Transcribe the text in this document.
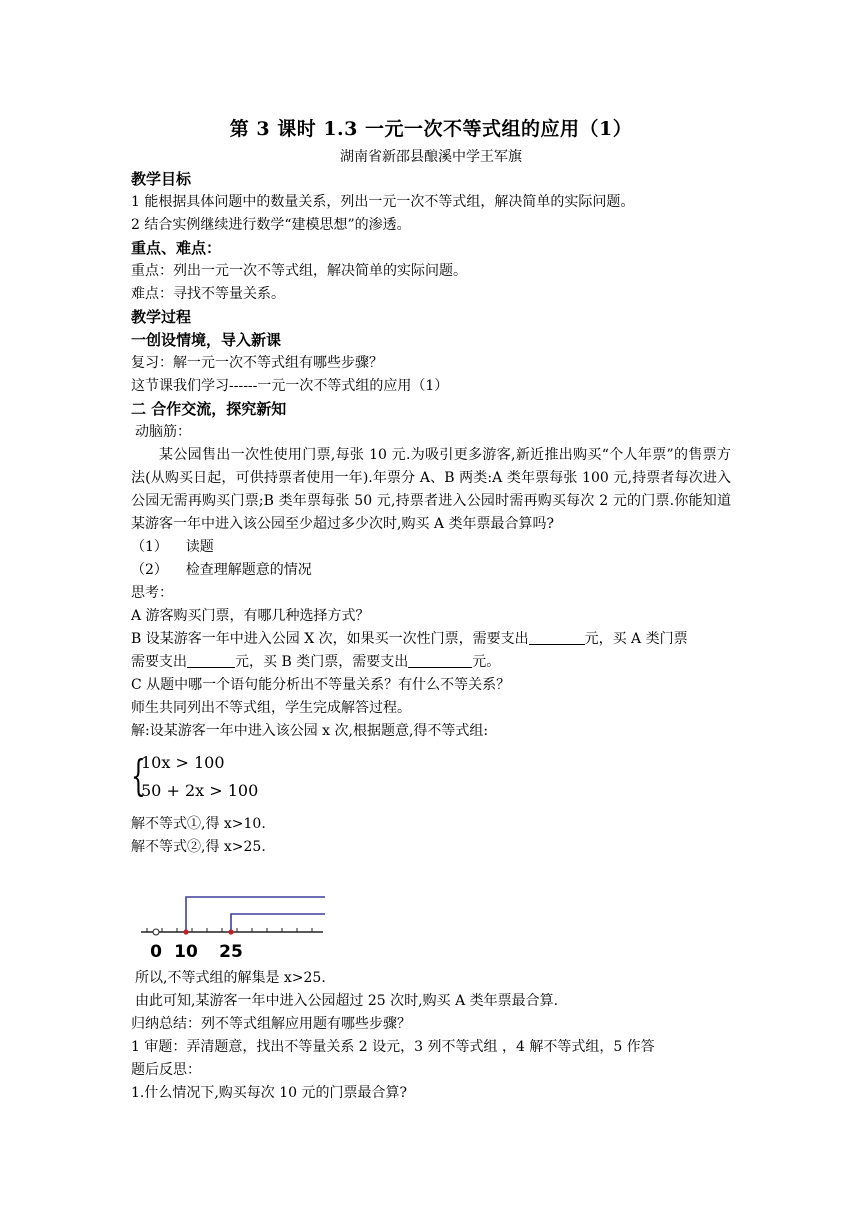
第 3 课时 1.3 一元一次不等式组的应用（1）
湖南省新邵县酿溪中学王军旗
教学目标
1 能根据具体问题中的数量关系，列出一元一次不等式组，解决简单的实际问题。
2 结合实例继续进行数学“建模思想”的渗透。
重点、难点：
重点：列出一元一次不等式组，解决简单的实际问题。
难点：寻找不等量关系。
教学过程
一创设情境，导入新课
复习：解一元一次不等式组有哪些步骤？
这节课我们学习------一元一次不等式组的应用（1）
二 合作交流，探究新知
动脑筋：
某公园售出一次性使用门票,每张 10 元.为吸引更多游客,新近推出购买“个人年票”的售票方法(从购买日起，可供持票者使用一年).年票分 A、B 两类:A 类年票每张 100 元,持票者每次进入公园无需再购买门票;B 类年票每张 50 元,持票者进入公园时需再购买每次 2 元的门票.你能知道某游客一年中进入该公园至少超过多少次时,购买 A 类年票最合算吗?
（1） 读题
（2） 检查理解题意的情况
思考：
A 游客购买门票，有哪几种选择方式？
B 设某游客一年中进入公园 X 次，如果买一次性门票，需要支出	元，买 A 类门票
需要支出	元，买 B 类门票，需要支出	元。
C 从题中哪一个语句能分析出不等量关系？有什么不等关系？
师生共同列出不等式组，学生完成解答过程。
解:设某游客一年中进入该公园 x 次,根据题意,得不等式组:
{
10x > 100
50 + 2x > 100
解不等式①,得 x>10.
解不等式②,得 x>25.
0 10 25
所以,不等式组的解集是 x>25.
由此可知,某游客一年中进入公园超过 25 次时,购买 A 类年票最合算.
归纳总结：列不等式组解应用题有哪些步骤？
1 审题：弄清题意，找出不等量关系 2 设元，3 列不等式组 ，4 解不等式组，5 作答
题后反思：
1.什么情况下,购买每次 10 元的门票最合算?
